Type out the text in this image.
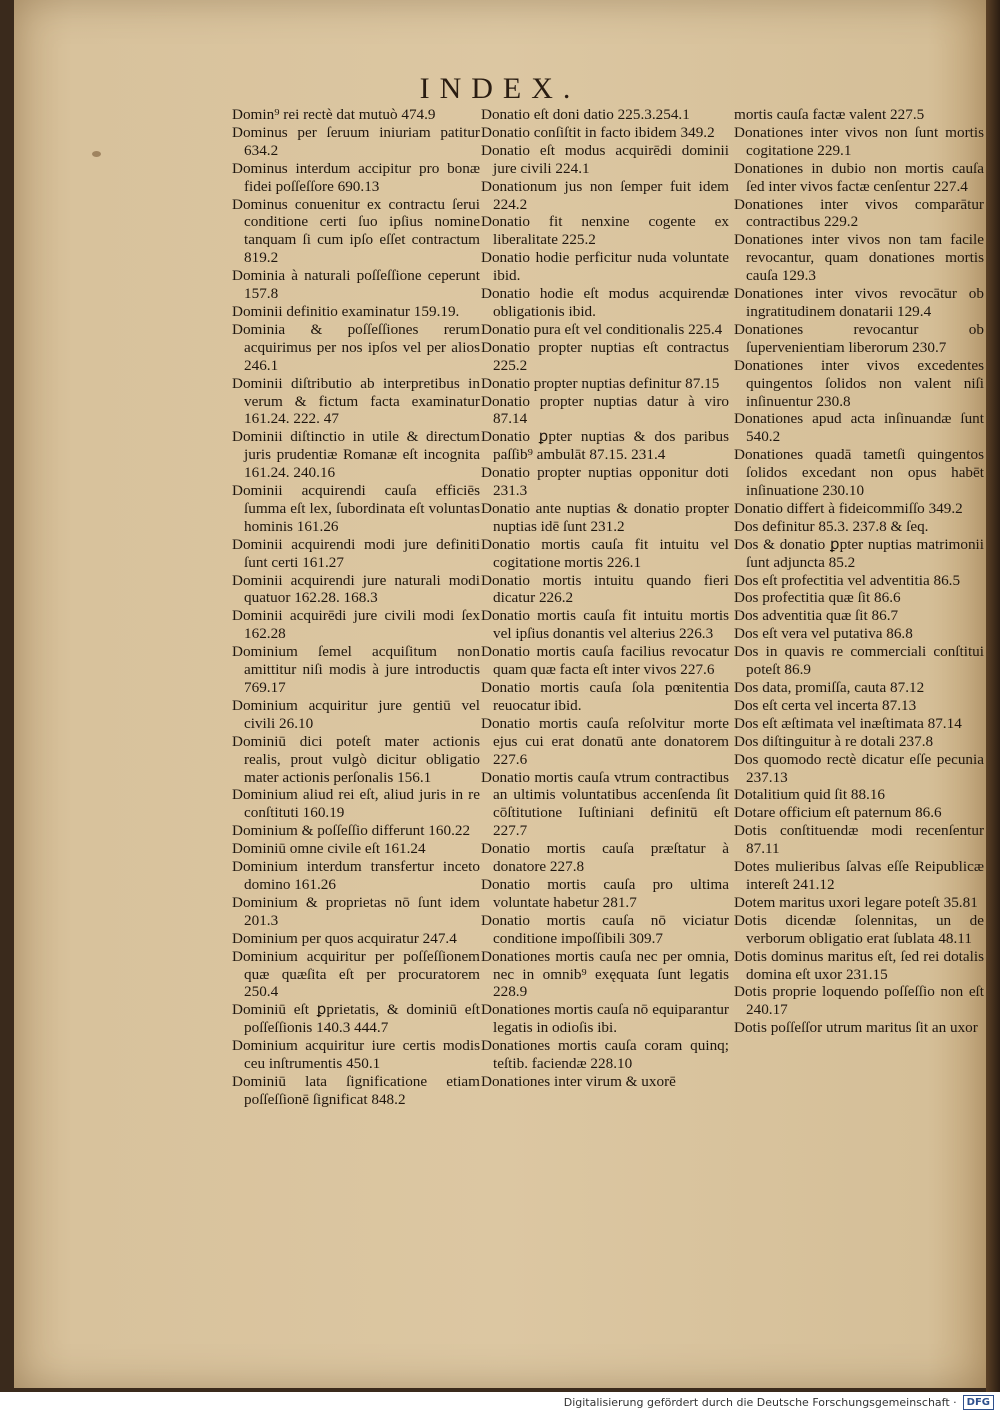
INDEX.
Domin⁹ rei rectè dat mutuò 474.9
Dominus per ſeruum iniuriam patitur 634.2
Dominus interdum accipitur pro bonæ fidei poſſeſſore 690.13
Dominus conuenitur ex contractu ſerui conditione certi ſuo ipſius nomine tanquam ſi cum ipſo eſſet contractum 819.2
Dominia à naturali poſſeſſione ceperunt 157.8
Dominii definitio examinatur 159.19.
Dominia & poſſeſſiones rerum acquirimus per nos ipſos vel per alios 246.1
Dominii diſtributio ab interpretibus in verum & fictum facta examinatur 161.24. 222. 47
Dominii diſtinctio in utile & directum juris prudentiæ Romanæ eſt incognita 161.24. 240.16
Dominii acquirendi cauſa efficiēs ſumma eſt lex, ſubordinata eſt voluntas hominis 161.26
Dominii acquirendi modi jure definiti ſunt certi 161.27
Dominii acquirendi jure naturali modi quatuor 162.28. 168.3
Dominii acquirēdi jure civili modi ſex 162.28
Dominium ſemel acquiſitum non amittitur niſi modis à jure introductis 769.17
Dominium acquiritur jure gentiū vel civili 26.10
Dominiū dici poteſt mater actionis realis, prout vulgò dicitur obligatio mater actionis perſonalis 156.1
Dominium aliud rei eſt, aliud juris in re conſtituti 160.19
Dominium & poſſeſſio differunt 160.22
Dominiū omne civile eſt 161.24
Dominium interdum transfertur inceto domino 161.26
Dominium & proprietas nō ſunt idem 201.3
Dominium per quos acquiratur 247.4
Dominium acquiritur per poſſeſſionem quæ quæſita eſt per procuratorem 250.4
Dominiū eſt ꝑprietatis, & dominiū eſt poſſeſſionis 140.3 444.7
Dominium acquiritur iure certis modis ceu inſtrumentis 450.1
Dominiū lata ſignificatione etiam poſſeſſionē ſignificat 848.2
Donatio eſt doni datio 225.3.254.1
Donatio conſiſtit in facto ibidem 349.2
Donatio eſt modus acquirēdi dominii jure civili 224.1
Donationum jus non ſemper fuit idem 224.2
Donatio fit nenxine cogente ex liberalitate 225.2
Donatio hodie perficitur nuda voluntate ibid.
Donatio hodie eſt modus acquirendæ obligationis ibid.
Donatio pura eſt vel conditionalis 225.4
Donatio propter nuptias eſt contractus 225.2
Donatio propter nuptias definitur 87.15
Donatio propter nuptias datur à viro 87.14
Donatio ꝑpter nuptias & dos paribus paſſib⁹ ambulāt 87.15. 231.4
Donatio propter nuptias opponitur doti 231.3
Donatio ante nuptias & donatio propter nuptias idē ſunt 231.2
Donatio mortis cauſa fit intuitu vel cogitatione mortis 226.1
Donatio mortis intuitu quando fieri dicatur 226.2
Donatio mortis cauſa fit intuitu mortis vel ipſius donantis vel alterius 226.3
Donatio mortis cauſa facilius revocatur quam quæ facta eſt inter vivos 227.6
Donatio mortis cauſa ſola pœnitentia reuocatur ibid.
Donatio mortis cauſa reſolvitur morte ejus cui erat donatū ante donatorem 227.6
Donatio mortis cauſa vtrum contractibus an ultimis voluntatibus accenſenda ſit cōſtitutione Iuſtiniani definitū eſt 227.7
Donatio mortis cauſa præſtatur à donatore 227.8
Donatio mortis cauſa pro ultima voluntate habetur 281.7
Donatio mortis cauſa nō viciatur conditione impoſſibili 309.7
Donationes mortis cauſa nec per omnia, nec in omnib⁹ exęquata ſunt legatis 228.9
Donationes mortis cauſa nō equiparantur legatis in odioſis ibi.
Donationes mortis cauſa coram quinq; teſtib. faciendæ 228.10
Donationes inter virum & uxorē
mortis cauſa factæ valent 227.5
Donationes inter vivos non ſunt mortis cogitatione 229.1
Donationes in dubio non mortis cauſa ſed inter vivos factæ cenſentur 227.4
Donationes inter vivos comparātur contractibus 229.2
Donationes inter vivos non tam facile revocantur, quam donationes mortis cauſa 129.3
Donationes inter vivos revocātur ob ingratitudinem donatarii 129.4
Donationes revocantur ob ſupervenientiam liberorum 230.7
Donationes inter vivos excedentes quingentos ſolidos non valent niſi inſinuentur 230.8
Donationes apud acta inſinuandæ ſunt 540.2
Donationes quadā tametſi quingentos ſolidos excedant non opus habēt inſinuatione 230.10
Donatio differt à fideicommiſſo 349.2
Dos definitur 85.3. 237.8 & ſeq.
Dos & donatio ꝑpter nuptias matrimonii ſunt adjuncta 85.2
Dos eſt profectitia vel adventitia 86.5
Dos profectitia quæ ſit 86.6
Dos adventitia quæ ſit 86.7
Dos eſt vera vel putativa 86.8
Dos in quavis re commerciali conſtitui poteſt 86.9
Dos data, promiſſa, cauta 87.12
Dos eſt certa vel incerta 87.13
Dos eſt æſtimata vel inæſtimata 87.14
Dos diſtinguitur à re dotali 237.8
Dos quomodo rectè dicatur eſſe pecunia 237.13
Dotalitium quid ſit 88.16
Dotare officium eſt paternum 86.6
Dotis conſtituendæ modi recenſentur 87.11
Dotes mulieribus ſalvas eſſe Reipublicæ intereſt 241.12
Dotem maritus uxori legare poteſt 35.81
Dotis dicendæ ſolennitas, un de verborum obligatio erat ſublata 48.11
Dotis dominus maritus eſt, ſed rei dotalis domina eſt uxor 231.15
Dotis proprie loquendo poſſeſſio non eſt 240.17
Dotis poſſeſſor utrum maritus ſit an uxor
Digitalisierung gefördert durch die Deutsche Forschungsgemeinschaft ·	DFG
